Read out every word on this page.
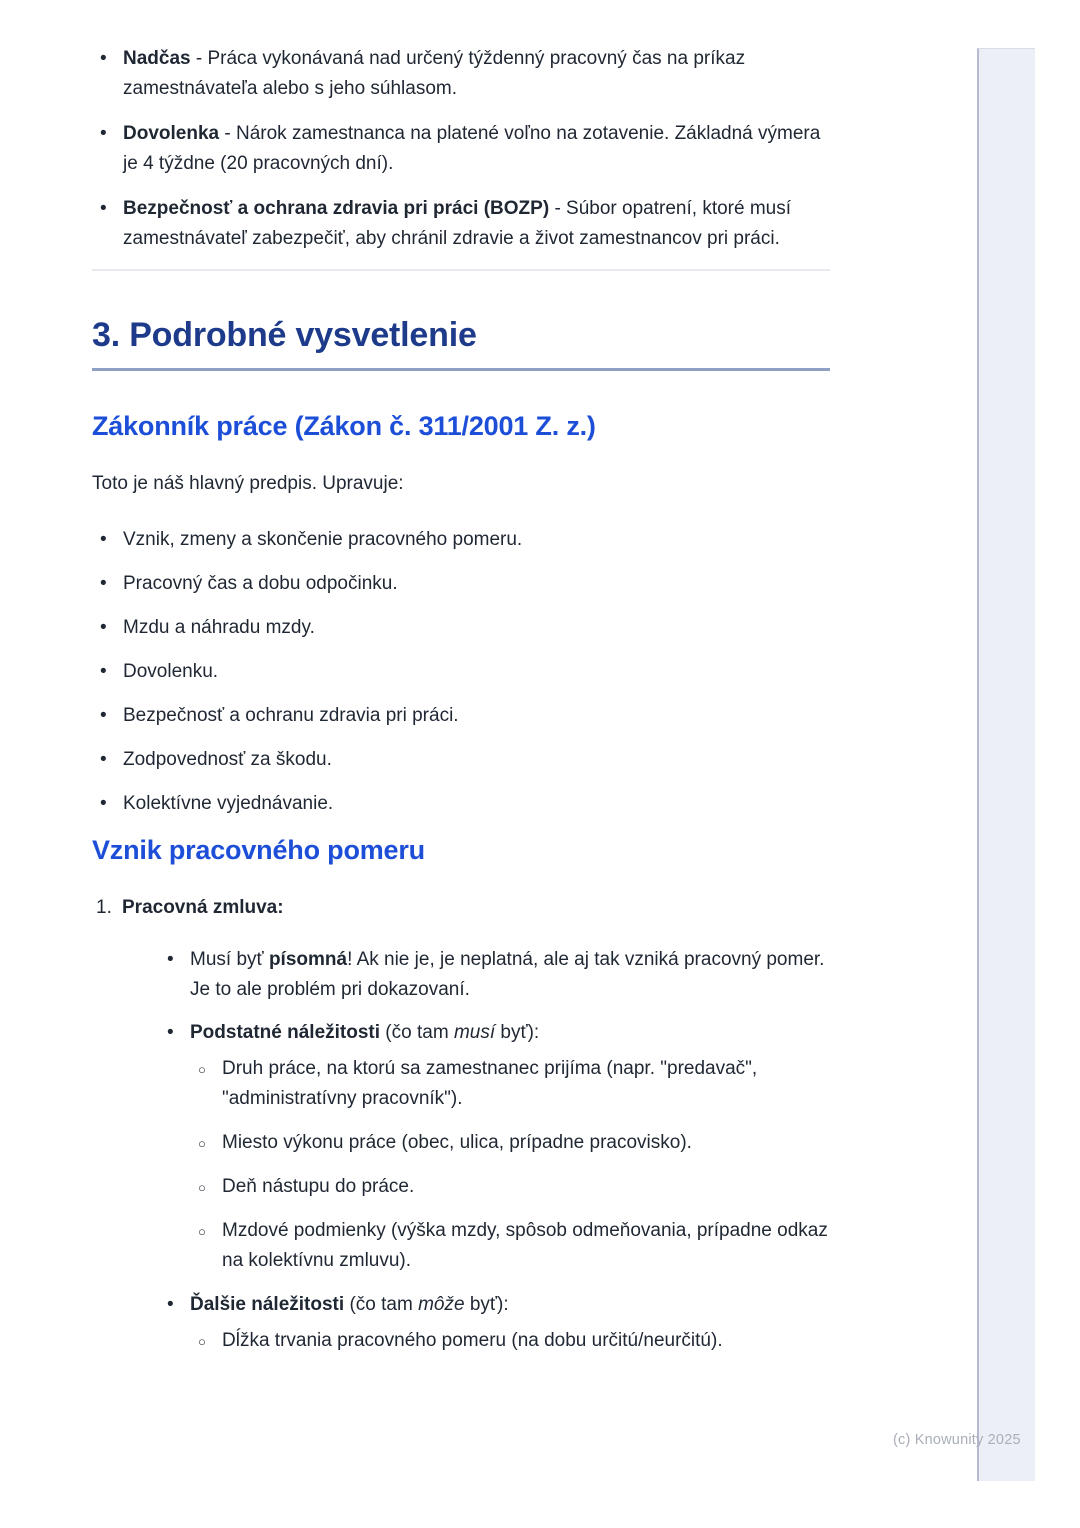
(c) Knowunity 2025
• Nadčas - Práca vykonávaná nad určený týždenný pracovný čas na príkaz zamestnávateľa alebo s jeho súhlasom.
• Dovolenka - Nárok zamestnanca na platené voľno na zotavenie. Základná výmera je 4 týždne (20 pracovných dní).
• Bezpečnosť a ochrana zdravia pri práci (BOZP) - Súbor opatrení, ktoré musí zamestnávateľ zabezpečiť, aby chránil zdravie a život zamestnancov pri práci.
3. Podrobné vysvetlenie
Zákonník práce (Zákon č. 311/2001 Z. z.)

Toto je náš hlavný predpis. Upravuje:

• Vznik, zmeny a skončenie pracovného pomeru.
• Pracovný čas a dobu odpočinku.
• Mzdu a náhradu mzdy.
• Dovolenku.
• Bezpečnosť a ochranu zdravia pri práci.
• Zodpovednosť za škodu.
• Kolektívne vyjednávanie.
Vznik pracovného pomeru
1. Pracovná zmluva:
• Musí byť písomná! Ak nie je, je neplatná, ale aj tak vzniká pracovný pomer. Je to ale problém pri dokazovaní.
• Podstatné náležitosti (čo tam musí byť):
○ Druh práce, na ktorú sa zamestnanec prijíma (napr. "predavač", "administratívny pracovník").
○ Miesto výkonu práce (obec, ulica, prípadne pracovisko).
○ Deň nástupu do práce.
○ Mzdové podmienky (výška mzdy, spôsob odmeňovania, prípadne odkaz na kolektívnu zmluvu).
• Ďalšie náležitosti (čo tam môže byť):
○ Dĺžka trvania pracovného pomeru (na dobu určitú/neurčitú).
